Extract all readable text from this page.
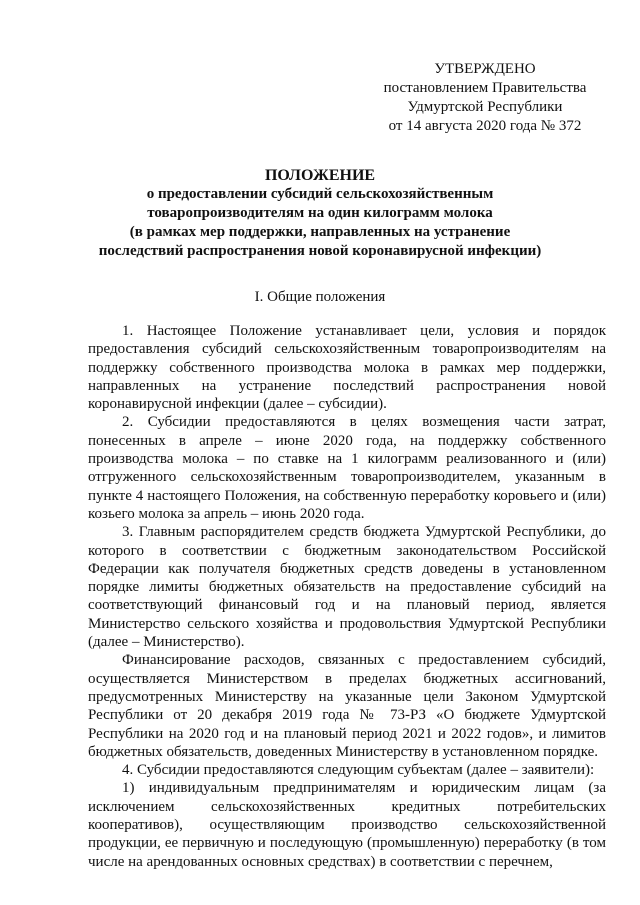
УТВЕРЖДЕНО
постановлением Правительства
Удмуртской Республики
от 14 августа 2020 года № 372
ПОЛОЖЕНИЕ
о предоставлении субсидий сельскохозяйственным
товаропроизводителям на один килограмм молока
(в рамках мер поддержки, направленных на устранение
последствий распространения новой коронавирусной инфекции)
I. Общие положения

1. Настоящее Положение устанавливает цели, условия и порядок предоставления субсидий сельскохозяйственным товаропроизводителям на поддержку собственного производства молока в рамках мер поддержки, направленных на устранение последствий распространения новой коронавирусной инфекции (далее – субсидии).

2. Субсидии предоставляются в целях возмещения части затрат, понесенных в апреле – июне 2020 года, на поддержку собственного производства молока – по ставке на 1 килограмм реализованного и (или) отгруженного сельскохозяйственным товаропроизводителем, указанным в пункте 4 настоящего Положения, на собственную переработку коровьего и (или) козьего молока за апрель – июнь 2020 года.

3. Главным распорядителем средств бюджета Удмуртской Республики, до которого в соответствии с бюджетным законодательством Российской Федерации как получателя бюджетных средств доведены в установленном порядке лимиты бюджетных обязательств на предоставление субсидий на соответствующий финансовый год и на плановый период, является Министерство сельского хозяйства и продовольствия Удмуртской Республики (далее – Министерство).

Финансирование расходов, связанных с предоставлением субсидий, осуществляется Министерством в пределах бюджетных ассигнований, предусмотренных Министерству на указанные цели Законом Удмуртской Республики от 20 декабря 2019 года № 73-РЗ «О бюджете Удмуртской Республики на 2020 год и на плановый период 2021 и 2022 годов», и лимитов бюджетных обязательств, доведенных Министерству в установленном порядке.

4. Субсидии предоставляются следующим субъектам (далее – заявители):

1) индивидуальным предпринимателям и юридическим лицам (за исключением сельскохозяйственных кредитных потребительских кооперативов), осуществляющим производство сельскохозяйственной продукции, ее первичную и последующую (промышленную) переработку (в том числе на арендованных основных средствах) в соответствии с перечнем,
